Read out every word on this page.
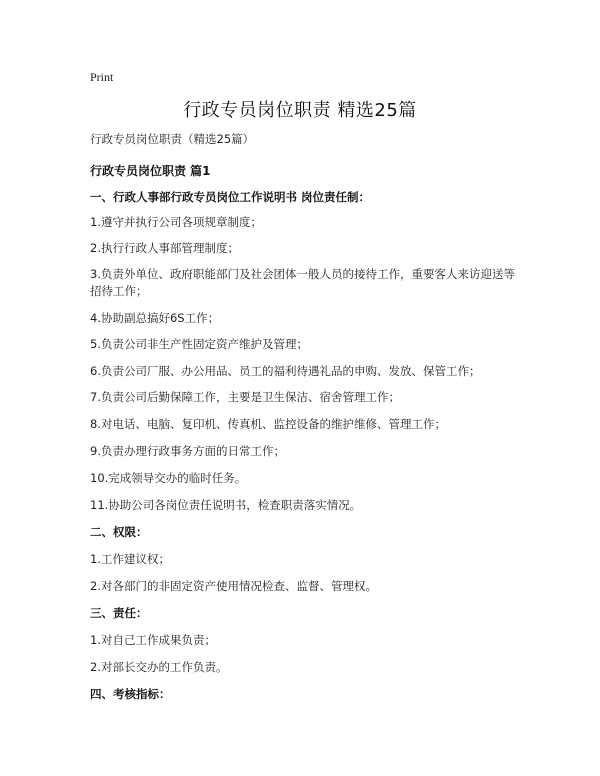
Print
行政专员岗位职责 精选25篇
行政专员岗位职责（精选25篇）
行政专员岗位职责 篇1
一、行政人事部行政专员岗位工作说明书 岗位责任制：
1.遵守并执行公司各项规章制度；
2.执行行政人事部管理制度；
3.负责外单位、政府职能部门及社会团体一般人员的接待工作，重要客人来访迎送等招待工作；
4.协助副总搞好6S工作；
5.负责公司非生产性固定资产维护及管理；
6.负责公司厂服、办公用品、员工的福利待遇礼品的申购、发放、保管工作；
7.负责公司后勤保障工作，主要是卫生保洁、宿舍管理工作；
8.对电话、电脑、复印机、传真机、监控设备的维护维修、管理工作；
9.负责办理行政事务方面的日常工作；
10.完成领导交办的临时任务。
11.协助公司各岗位责任说明书，检查职责落实情况。
二、权限：
1.工作建议权；
2.对各部门的非固定资产使用情况检查、监督、管理权。
三、责任：
1.对自己工作成果负责；
2.对部长交办的工作负责。
四、考核指标：
